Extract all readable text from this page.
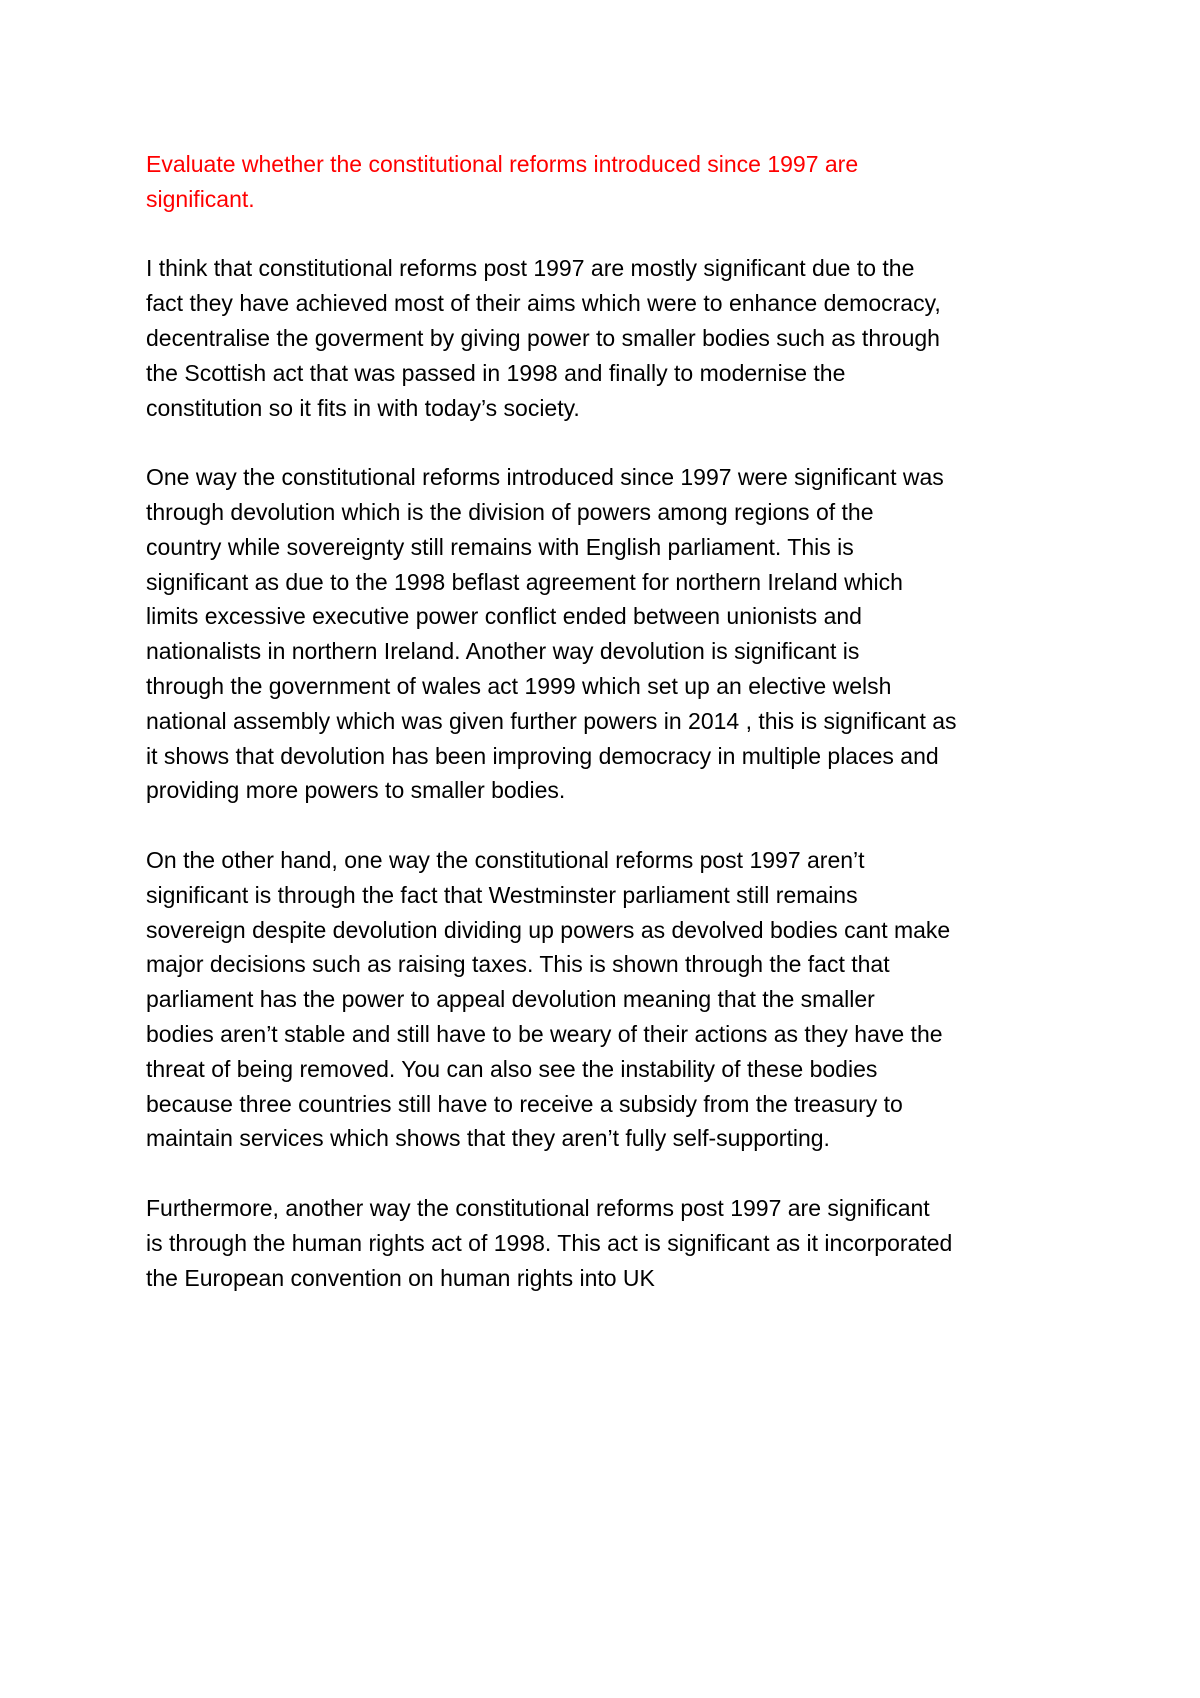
Evaluate whether the constitutional reforms introduced since 1997 are
significant.
I think that constitutional reforms post 1997 are mostly significant due to the
fact they have achieved most of their aims which were to enhance democracy,
decentralise the goverment by giving power to smaller bodies such as through
the Scottish act that was passed in 1998 and finally to modernise the
constitution so it fits in with today’s society.
One way the constitutional reforms introduced since 1997 were significant was
through devolution which is the division of powers among regions of the
country while sovereignty still remains with English parliament. This is
significant as due to the 1998 beflast agreement for northern Ireland which
limits excessive executive power conflict ended between unionists and
nationalists in northern Ireland. Another way devolution is significant is
through the government of wales act 1999 which set up an elective welsh
national assembly which was given further powers in 2014 , this is significant as
it shows that devolution has been improving democracy in multiple places and
providing more powers to smaller bodies.
On the other hand, one way the constitutional reforms post 1997 aren’t
significant is through the fact that Westminster parliament still remains
sovereign despite devolution dividing up powers as devolved bodies cant make
major decisions such as raising taxes. This is shown through the fact that
parliament has the power to appeal devolution meaning that the smaller
bodies aren’t stable and still have to be weary of their actions as they have the
threat of being removed. You can also see the instability of these bodies
because three countries still have to receive a subsidy from the treasury to
maintain services which shows that they aren’t fully self-supporting.
Furthermore, another way the constitutional reforms post 1997 are significant
is through the human rights act of 1998. This act is significant as it incorporated
the European convention on human rights into UK
